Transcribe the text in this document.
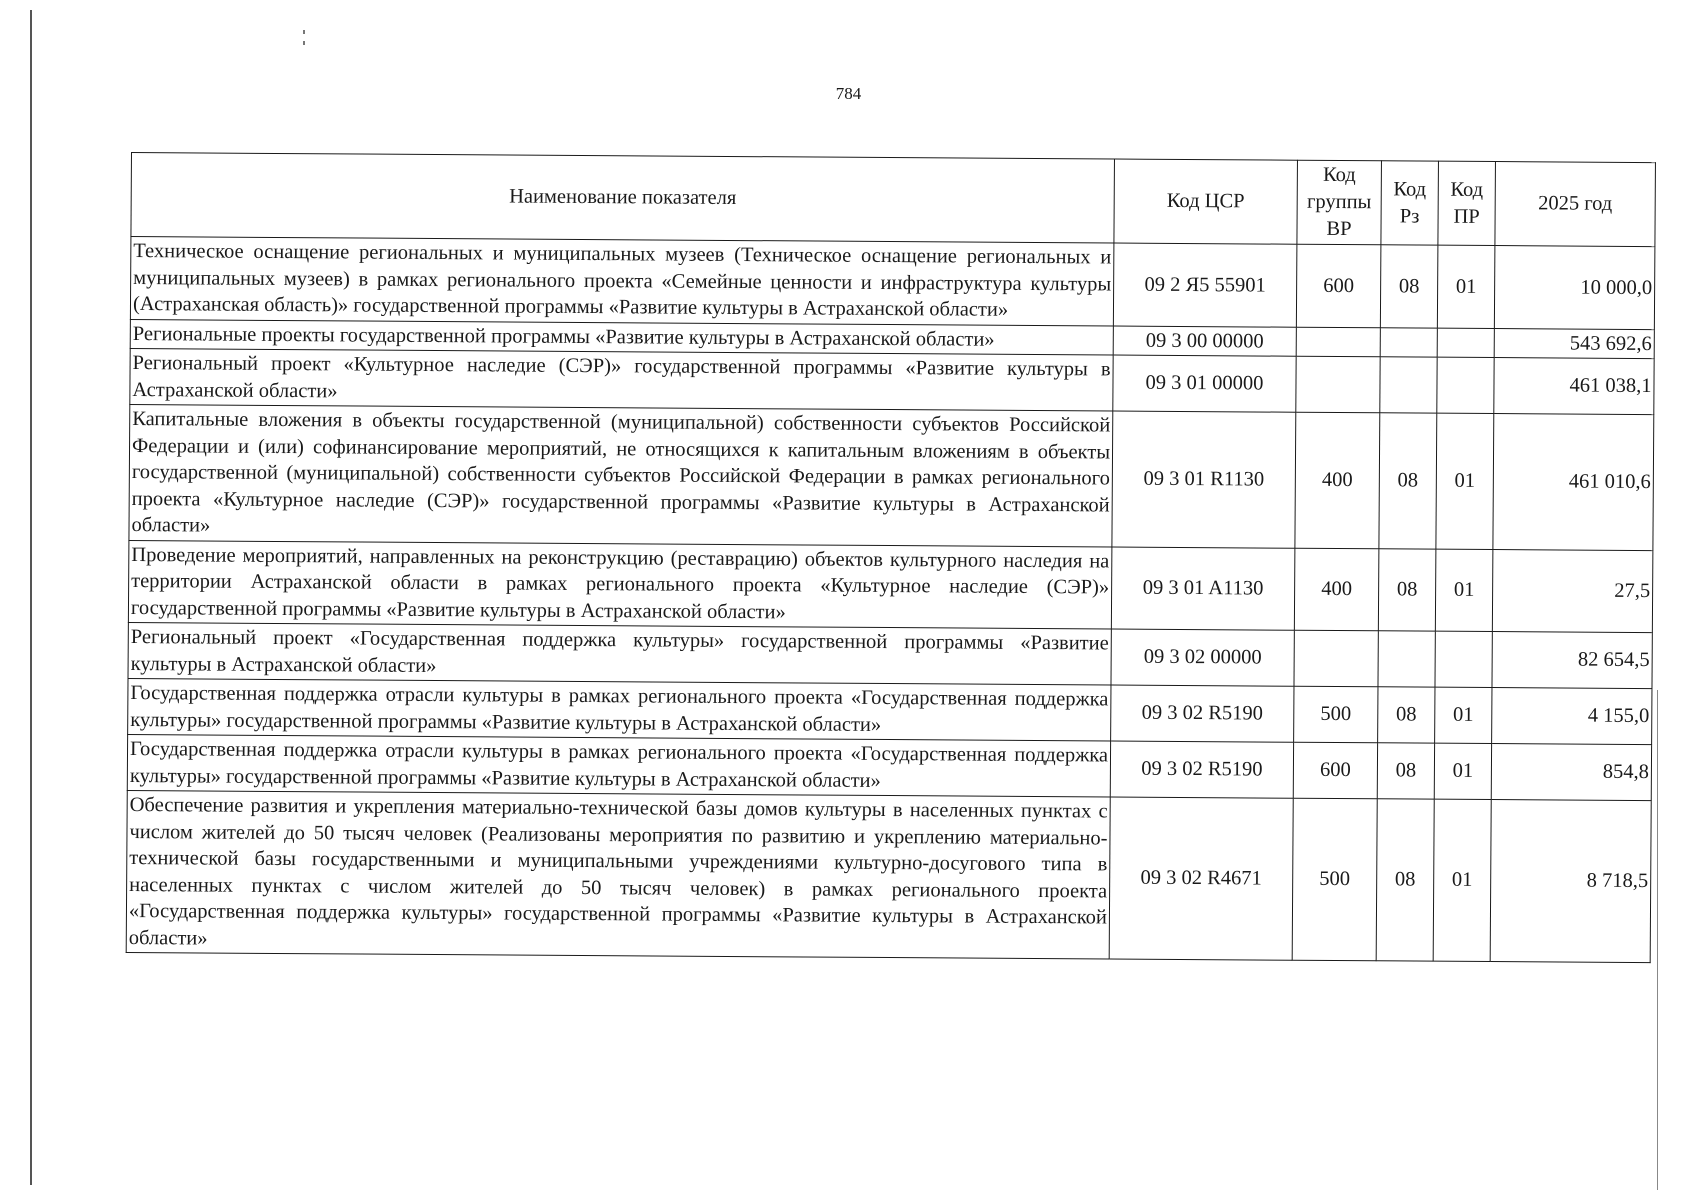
784
Наименование показателя	Код ЦСР	Код группы ВР	Код Рз	Код ПР	2025 год
Техническое оснащение региональных и муниципальных музеев (Техническое оснащение региональных и муниципальных музеев) в рамках регионального проекта «Семейные ценности и инфраструктура культуры (Астраханская область)» государственной программы «Развитие культуры в Астраханской области»	09 2 Я5 55901	600	08	01	10 000,0
Региональные проекты государственной программы «Развитие культуры в Астраханской области»	09 3 00 00000				543 692,6
Региональный проект «Культурное наследие (СЭР)» государственной программы «Развитие культуры в Астраханской области»	09 3 01 00000				461 038,1
Капитальные вложения в объекты государственной (муниципальной) собственности субъектов Российской Федерации и (или) софинансирование мероприятий, не относящихся к капитальным вложениям в объекты государственной (муниципальной) собственности субъектов Российской Федерации в рамках регионального проекта «Культурное наследие (СЭР)» государственной программы «Развитие культуры в Астраханской области»	09 3 01 R1130	400	08	01	461 010,6
Проведение мероприятий, направленных на реконструкцию (реставрацию) объектов культурного наследия на территории Астраханской области в рамках регионального проекта «Культурное наследие (СЭР)» государственной программы «Развитие культуры в Астраханской области»	09 3 01 A1130	400	08	01	27,5
Региональный проект «Государственная поддержка культуры» государственной программы «Развитие культуры в Астраханской области»	09 3 02 00000				82 654,5
Государственная поддержка отрасли культуры в рамках регионального проекта «Государственная поддержка культуры» государственной программы «Развитие культуры в Астраханской области»	09 3 02 R5190	500	08	01	4 155,0
Государственная поддержка отрасли культуры в рамках регионального проекта «Государственная поддержка культуры» государственной программы «Развитие культуры в Астраханской области»	09 3 02 R5190	600	08	01	854,8
Обеспечение развития и укрепления материально-технической базы домов культуры в населенных пунктах с числом жителей до 50 тысяч человек (Реализованы мероприятия по развитию и укреплению материально-технической базы государственными и муниципальными учреждениями культурно-досугового типа в населенных пунктах с числом жителей до 50 тысяч человек) в рамках регионального проекта «Государственная поддержка культуры» государственной программы «Развитие культуры в Астраханской области»	09 3 02 R4671	500	08	01	8 718,5
